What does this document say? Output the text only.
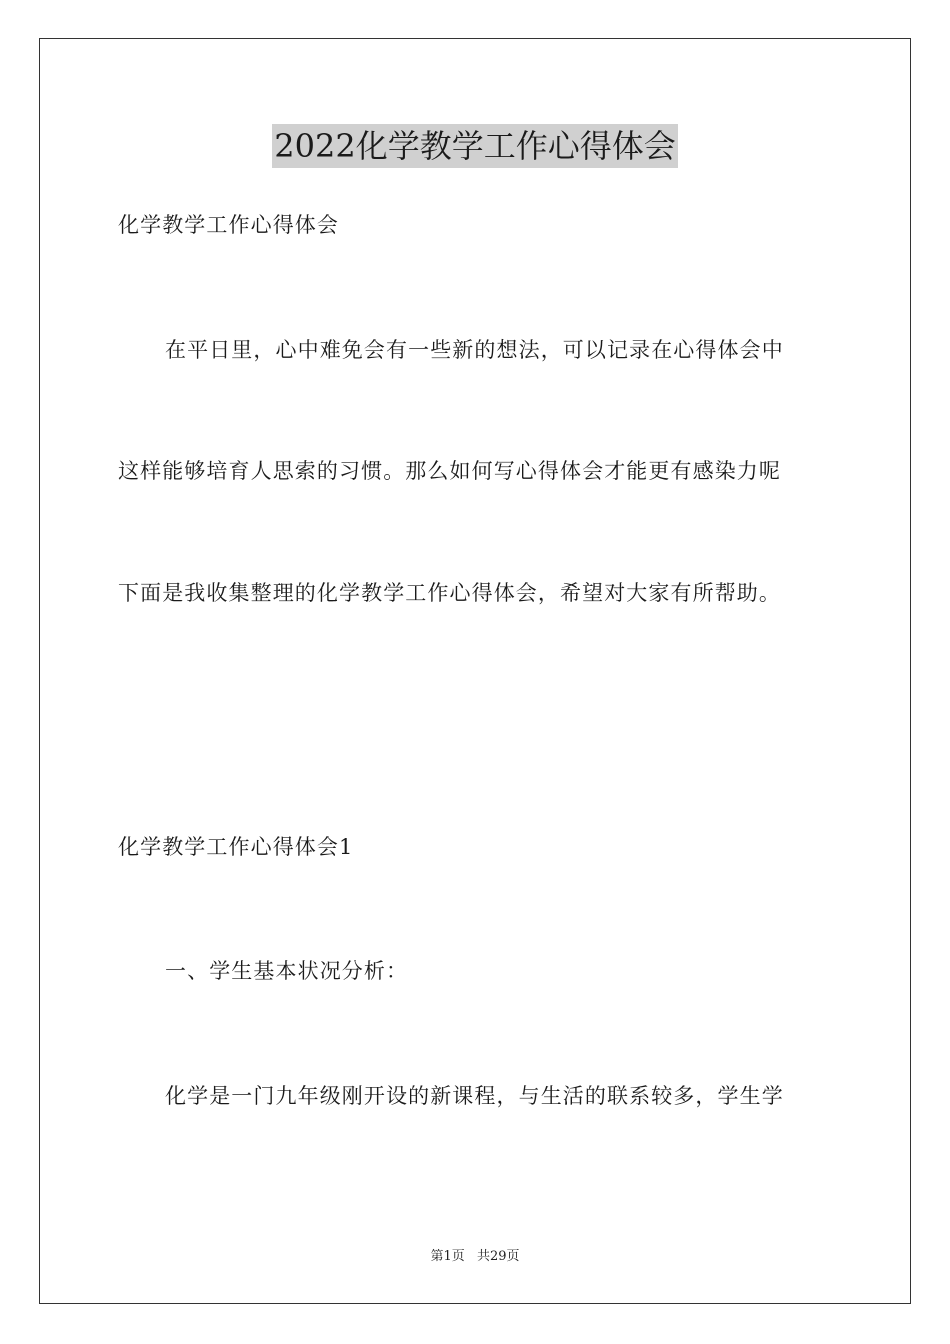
2022化学教学工作心得体会
化学教学工作心得体会
在平日里，心中难免会有一些新的想法，可以记录在心得体会中
这样能够培育人思索的习惯。那么如何写心得体会才能更有感染力呢
下面是我收集整理的化学教学工作心得体会，希望对大家有所帮助。
化学教学工作心得体会1
一、学生基本状况分析：
化学是一门九年级刚开设的新课程，与生活的联系较多，学生学
第1页 共29页
